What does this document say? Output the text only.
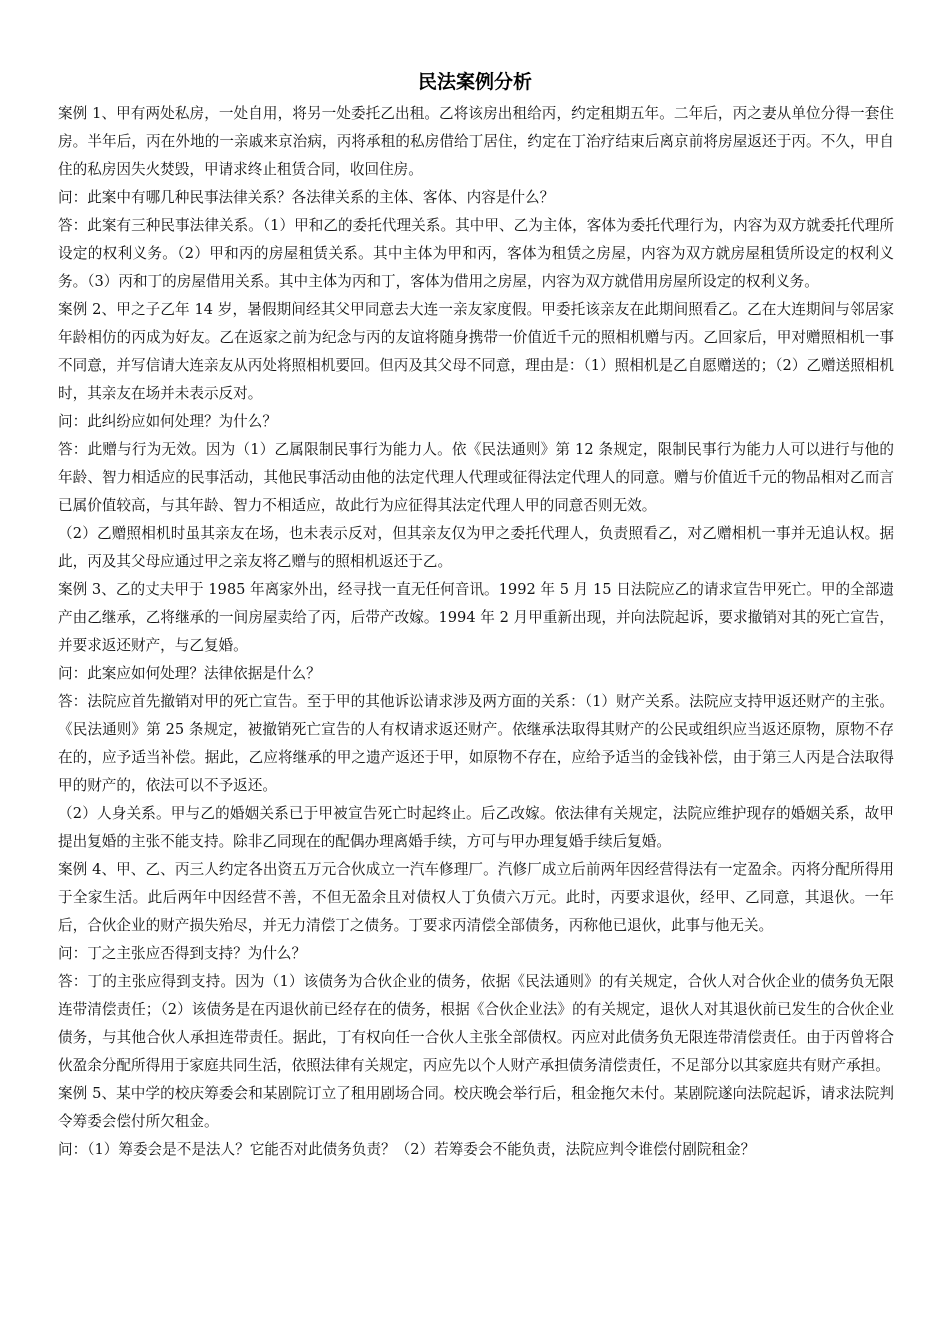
民法案例分析

案例 1、甲有两处私房，一处自用，将另一处委托乙出租。乙将该房出租给丙，约定租期五年。二年后，丙之妻从单位分得一套住房。半年后，丙在外地的一亲戚来京治病，丙将承租的私房借给丁居住，约定在丁治疗结束后离京前将房屋返还于丙。不久，甲自住的私房因失火焚毁，甲请求终止租赁合同，收回住房。

问：此案中有哪几种民事法律关系？各法律关系的主体、客体、内容是什么？

答：此案有三种民事法律关系。（1）甲和乙的委托代理关系。其中甲、乙为主体，客体为委托代理行为，内容为双方就委托代理所设定的权利义务。（2）甲和丙的房屋租赁关系。其中主体为甲和丙，客体为租赁之房屋，内容为双方就房屋租赁所设定的权利义务。（3）丙和丁的房屋借用关系。其中主体为丙和丁，客体为借用之房屋，内容为双方就借用房屋所设定的权利义务。

案例 2、甲之子乙年 14 岁，暑假期间经其父甲同意去大连一亲友家度假。甲委托该亲友在此期间照看乙。乙在大连期间与邻居家年龄相仿的丙成为好友。乙在返家之前为纪念与丙的友谊将随身携带一价值近千元的照相机赠与丙。乙回家后，甲对赠照相机一事不同意，并写信请大连亲友从丙处将照相机要回。但丙及其父母不同意，理由是：（1）照相机是乙自愿赠送的；（2）乙赠送照相机时，其亲友在场并未表示反对。

问：此纠纷应如何处理？为什么？

答：此赠与行为无效。因为（1）乙属限制民事行为能力人。依《民法通则》第 12 条规定，限制民事行为能力人可以进行与他的年龄、智力相适应的民事活动，其他民事活动由他的法定代理人代理或征得法定代理人的同意。赠与价值近千元的物品相对乙而言已属价值较高，与其年龄、智力不相适应，故此行为应征得其法定代理人甲的同意否则无效。

（2）乙赠照相机时虽其亲友在场，也未表示反对，但其亲友仅为甲之委托代理人，负责照看乙，对乙赠相机一事并无追认权。据此，丙及其父母应通过甲之亲友将乙赠与的照相机返还于乙。

案例 3、乙的丈夫甲于 1985 年离家外出，经寻找一直无任何音讯。1992 年 5 月 15 日法院应乙的请求宣告甲死亡。甲的全部遗产由乙继承，乙将继承的一间房屋卖给了丙，后带产改嫁。1994 年 2 月甲重新出现，并向法院起诉，要求撤销对其的死亡宣告，并要求返还财产，与乙复婚。

问：此案应如何处理？法律依据是什么？

答：法院应首先撤销对甲的死亡宣告。至于甲的其他诉讼请求涉及两方面的关系：（1）财产关系。法院应支持甲返还财产的主张。《民法通则》第 25 条规定，被撤销死亡宣告的人有权请求返还财产。依继承法取得其财产的公民或组织应当返还原物，原物不存在的，应予适当补偿。据此，乙应将继承的甲之遗产返还于甲，如原物不存在，应给予适当的金钱补偿，由于第三人丙是合法取得甲的财产的，依法可以不予返还。

（2）人身关系。甲与乙的婚姻关系已于甲被宣告死亡时起终止。后乙改嫁。依法律有关规定，法院应维护现存的婚姻关系，故甲提出复婚的主张不能支持。除非乙同现在的配偶办理离婚手续，方可与甲办理复婚手续后复婚。

案例 4、甲、乙、丙三人约定各出资五万元合伙成立一汽车修理厂。汽修厂成立后前两年因经营得法有一定盈余。丙将分配所得用于全家生活。此后两年中因经营不善，不但无盈余且对债权人丁负债六万元。此时，丙要求退伙，经甲、乙同意，其退伙。一年后，合伙企业的财产损失殆尽，并无力清偿丁之债务。丁要求丙清偿全部债务，丙称他已退伙，此事与他无关。

问：丁之主张应否得到支持？为什么？

答：丁的主张应得到支持。因为（1）该债务为合伙企业的债务，依据《民法通则》的有关规定，合伙人对合伙企业的债务负无限连带清偿责任；（2）该债务是在丙退伙前已经存在的债务，根据《合伙企业法》的有关规定，退伙人对其退伙前已发生的合伙企业债务，与其他合伙人承担连带责任。据此，丁有权向任一合伙人主张全部债权。丙应对此债务负无限连带清偿责任。由于丙曾将合伙盈余分配所得用于家庭共同生活，依照法律有关规定，丙应先以个人财产承担债务清偿责任，不足部分以其家庭共有财产承担。

案例 5、某中学的校庆筹委会和某剧院订立了租用剧场合同。校庆晚会举行后，租金拖欠未付。某剧院遂向法院起诉，请求法院判令筹委会偿付所欠租金。

问：（1）筹委会是不是法人？它能否对此债务负责？（2）若筹委会不能负责，法院应判令谁偿付剧院租金？
